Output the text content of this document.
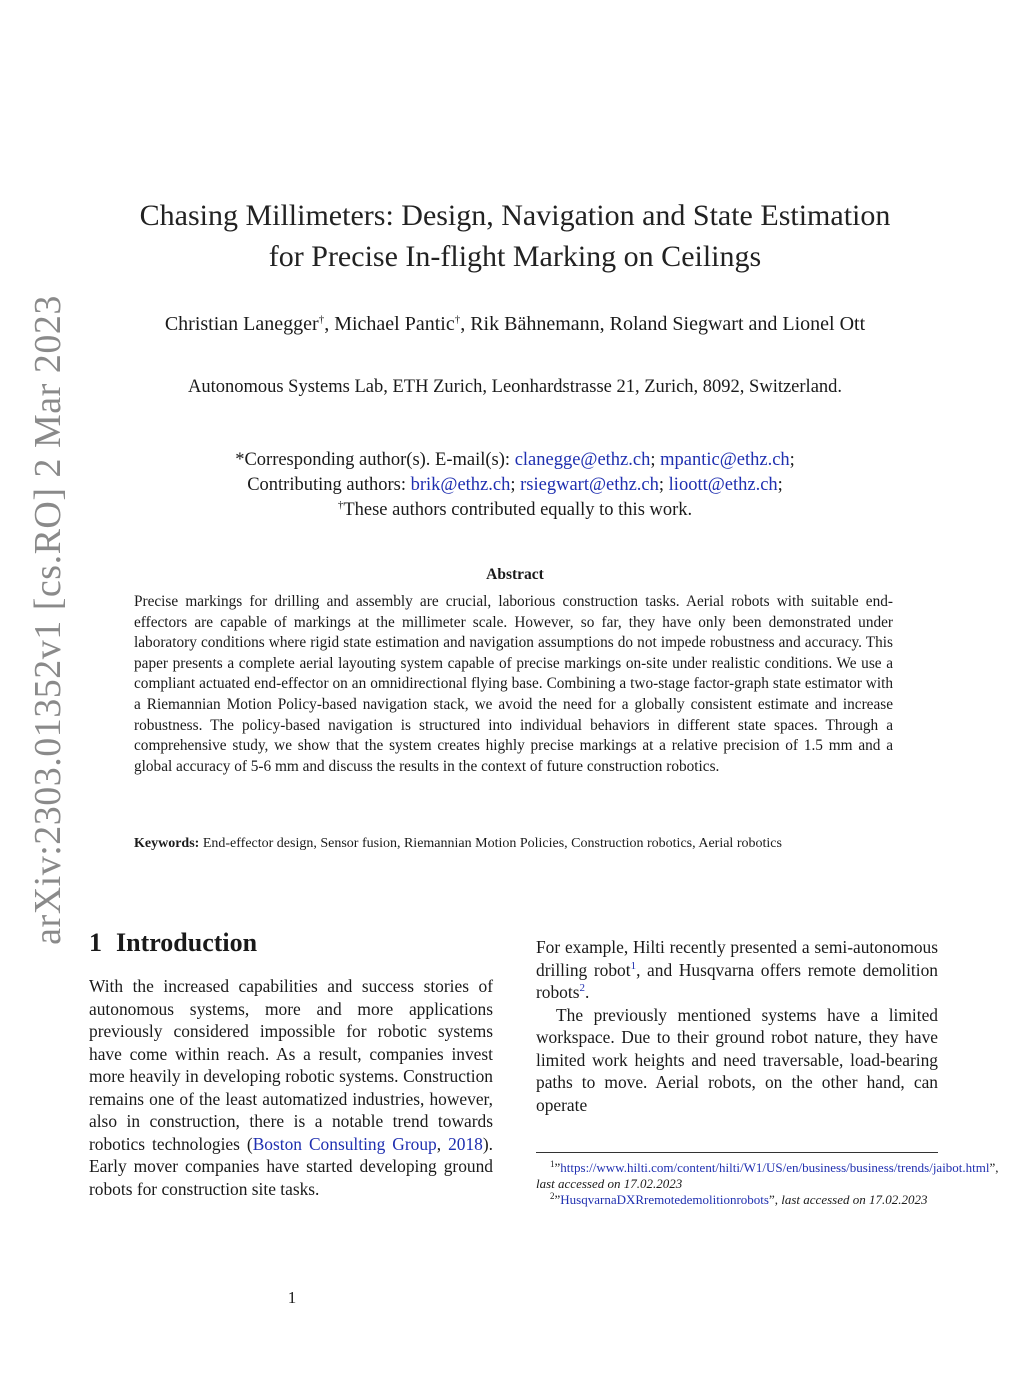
arXiv:2303.01352v1 [cs.RO] 2 Mar 2023
Chasing Millimeters: Design, Navigation and State Estimation
for Precise In-flight Marking on Ceilings
Christian Lanegger†, Michael Pantic†, Rik Bähnemann, Roland Siegwart and Lionel Ott
Autonomous Systems Lab, ETH Zurich, Leonhardstrasse 21, Zurich, 8092, Switzerland.
*Corresponding author(s). E-mail(s): clanegge@ethz.ch; mpantic@ethz.ch;
Contributing authors: brik@ethz.ch; rsiegwart@ethz.ch; lioott@ethz.ch;
†These authors contributed equally to this work.
Abstract

Precise markings for drilling and assembly are crucial, laborious construction tasks. Aerial robots with suitable end-effectors are capable of markings at the millimeter scale. However, so far, they have only been demonstrated under laboratory conditions where rigid state estimation and navigation assumptions do not impede robustness and accuracy. This paper presents a complete aerial layouting system capable of precise markings on-site under realistic conditions. We use a compliant actuated end-effector on an omnidirectional flying base. Combining a two-stage factor-graph state estimator with a Riemannian Motion Policy-based navigation stack, we avoid the need for a globally consistent estimate and increase robustness. The policy-based navigation is structured into individual behaviors in different state spaces. Through a comprehensive study, we show that the system creates highly precise markings at a relative precision of 1.5 mm and a global accuracy of 5-6 mm and discuss the results in the context of future construction robotics.

Keywords: End-effector design, Sensor fusion, Riemannian Motion Policies, Construction robotics, Aerial robotics
1 Introduction

With the increased capabilities and success stories of autonomous systems, more and more applications previously considered impossible for robotic systems have come within reach. As a result, companies invest more heavily in developing robotic systems. Construction remains one of the least automatized industries, however, also in construction, there is a notable trend towards robotics technologies (Boston Consulting Group, 2018). Early mover companies have started developing ground robots for construction site tasks.

For example, Hilti recently presented a semi-autonomous drilling robot$^1$, and Husqvarna offers remote demolition robots$^2$.

The previously mentioned systems have a limited workspace. Due to their ground robot nature, they have limited work heights and need traversable, load-bearing paths to move. Aerial robots, on the other hand, can operate

$^1$”https://www.hilti.com/content/hilti/W1/US/en/business/business/trends/jaibot.html”, last accessed on 17.02.2023
$^2$”HusqvarnaDXRremotedemolitionrobots”, last accessed on 17.02.2023
1
